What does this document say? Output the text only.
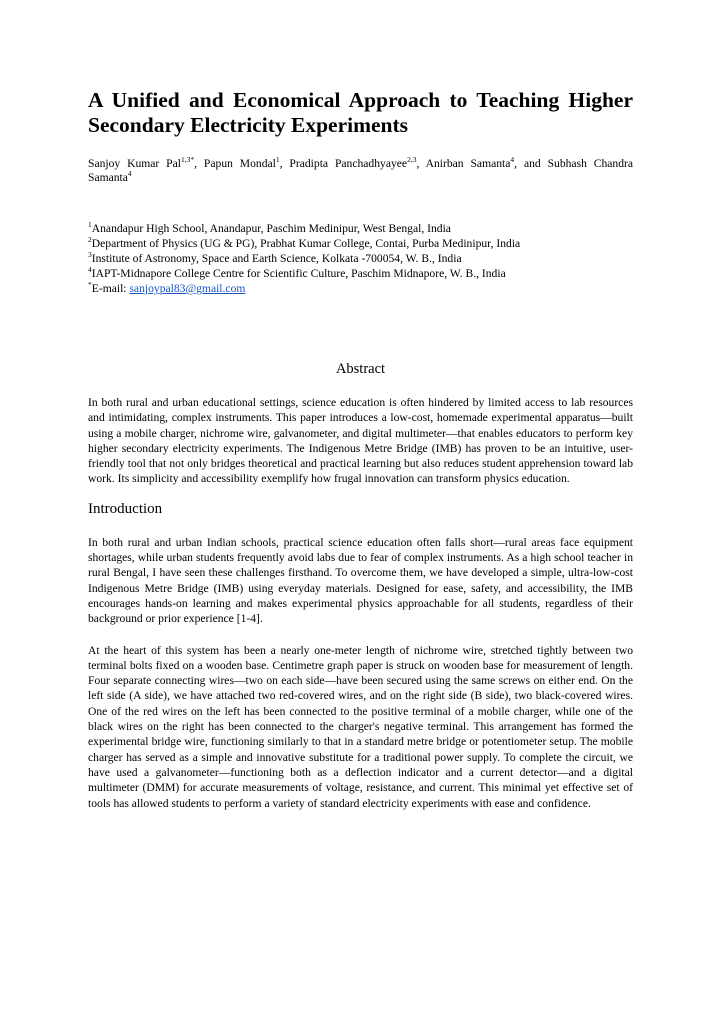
A Unified and Economical Approach to Teaching Higher Secondary Electricity Experiments

Sanjoy Kumar Pal$^{1,3*}$, Papun Mondal$^1$, Pradipta Panchadhyayee$^{2,3}$, Anirban Samanta$^4$, and Subhash Chandra Samanta$^4$

$^1$Anandapur High School, Anandapur, Paschim Medinipur, West Bengal, India
$^2$Department of Physics (UG & PG), Prabhat Kumar College, Contai, Purba Medinipur, India
$^3$Institute of Astronomy, Space and Earth Science, Kolkata -700054, W. B., India
$^4$IAPT-Midnapore College Centre for Scientific Culture, Paschim Midnapore, W. B., India
*E-mail: sanjoypal83@gmail.com
Abstract

In both rural and urban educational settings, science education is often hindered by limited access to lab resources and intimidating, complex instruments. This paper introduces a low-cost, homemade experimental apparatus—built using a mobile charger, nichrome wire, galvanometer, and digital multimeter—that enables educators to perform key higher secondary electricity experiments. The Indigenous Metre Bridge (IMB) has proven to be an intuitive, user-friendly tool that not only bridges theoretical and practical learning but also reduces student apprehension toward lab work. Its simplicity and accessibility exemplify how frugal innovation can transform physics education.

Introduction

In both rural and urban Indian schools, practical science education often falls short—rural areas face equipment shortages, while urban students frequently avoid labs due to fear of complex instruments. As a high school teacher in rural Bengal, I have seen these challenges firsthand. To overcome them, we have developed a simple, ultra-low-cost Indigenous Metre Bridge (IMB) using everyday materials. Designed for ease, safety, and accessibility, the IMB encourages hands-on learning and makes experimental physics approachable for all students, regardless of their background or prior experience [1-4].

At the heart of this system has been a nearly one-meter length of nichrome wire, stretched tightly between two terminal bolts fixed on a wooden base. Centimetre graph paper is struck on wooden base for measurement of length. Four separate connecting wires—two on each side—have been secured using the same screws on either end. On the left side (A side), we have attached two red-covered wires, and on the right side (B side), two black-covered wires. One of the red wires on the left has been connected to the positive terminal of a mobile charger, while one of the black wires on the right has been connected to the charger's negative terminal. This arrangement has formed the experimental bridge wire, functioning similarly to that in a standard metre bridge or potentiometer setup. The mobile charger has served as a simple and innovative substitute for a traditional power supply. To complete the circuit, we have used a galvanometer—functioning both as a deflection indicator and a current detector—and a digital multimeter (DMM) for accurate measurements of voltage, resistance, and current. This minimal yet effective set of tools has allowed students to perform a variety of standard electricity experiments with ease and confidence.
